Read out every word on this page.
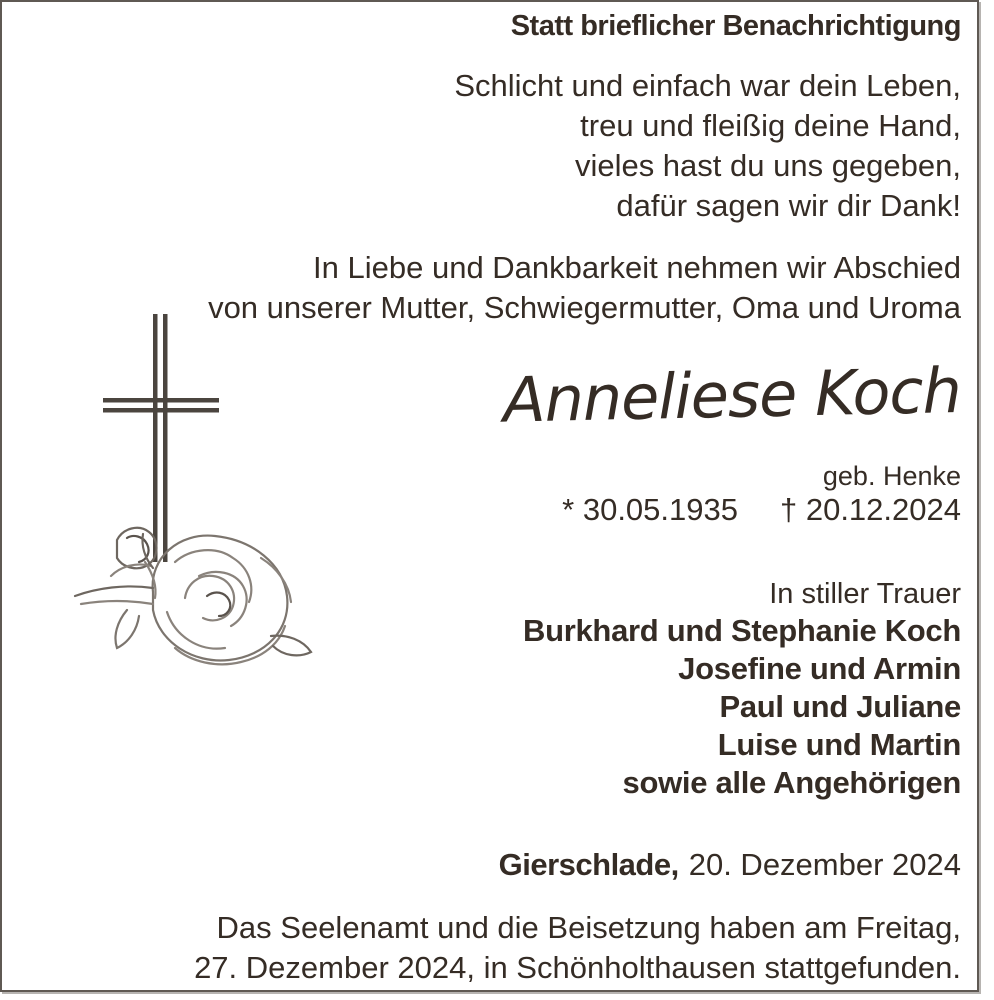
Statt brieflicher Benachrichtigung
Schlicht und einfach war dein Leben,
treu und fleißig deine Hand,
vieles hast du uns gegeben,
dafür sagen wir dir Dank!
In Liebe und Dankbarkeit nehmen wir Abschied
von unserer Mutter, Schwiegermutter, Oma und Uroma
Anneliese Koch
geb. Henke
* 30.05.1935 † 20.12.2024
In stiller Trauer
Burkhard und Stephanie Koch
Josefine und Armin
Paul und Juliane
Luise und Martin
sowie alle Angehörigen
Gierschlade, 20. Dezember 2024
Das Seelenamt und die Beisetzung haben am Freitag,
27. Dezember 2024, in Schönholthausen stattgefunden.
